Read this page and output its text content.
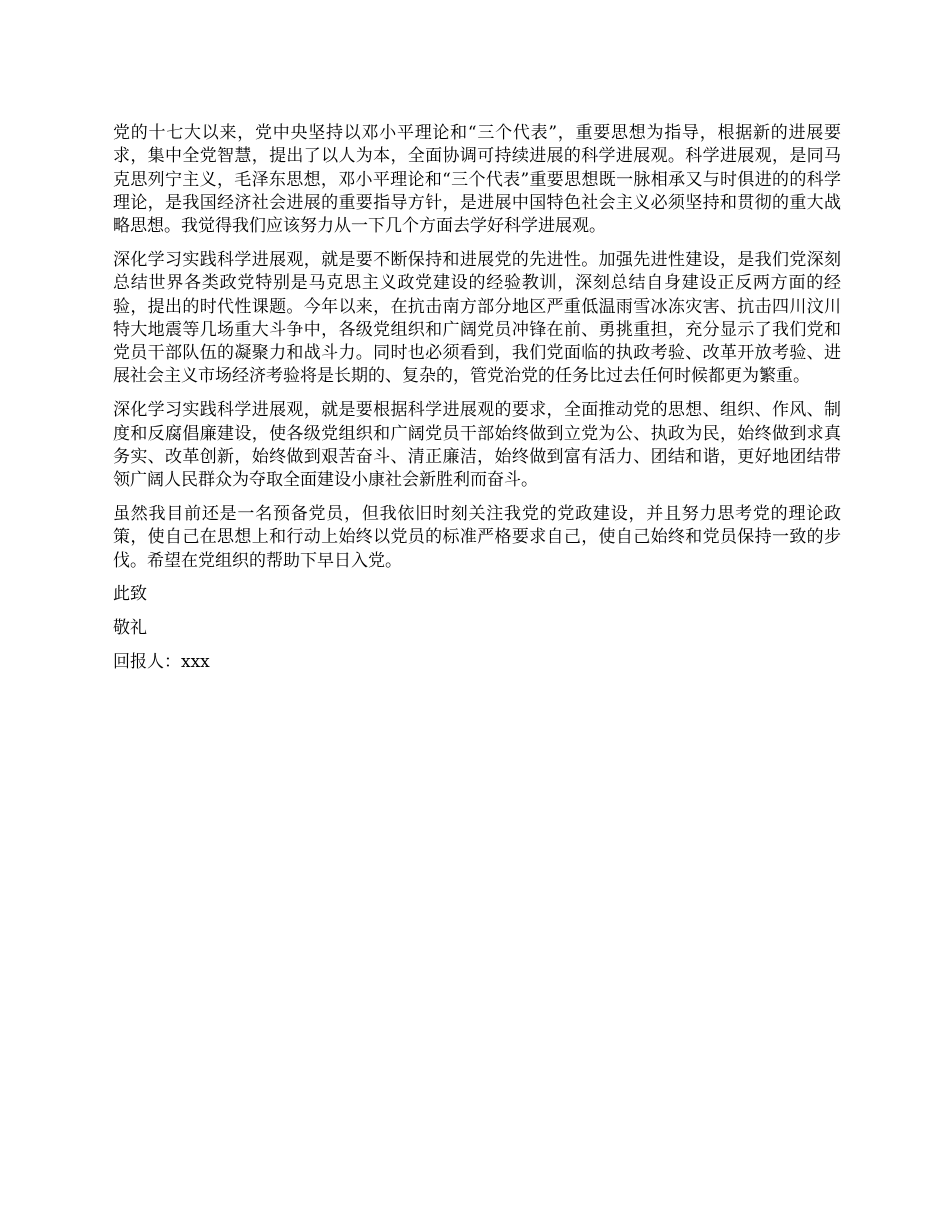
党的十七大以来，党中央坚持以邓小平理论和“三个代表”，重要思想为指导，根据新的进展要求，集中全党智慧，提出了以人为本，全面协调可持续进展的科学进展观。科学进展观，是同马克思列宁主义，毛泽东思想，邓小平理论和“三个代表”重要思想既一脉相承又与时俱进的的科学理论，是我国经济社会进展的重要指导方针，是进展中国特色社会主义必须坚持和贯彻的重大战略思想。我觉得我们应该努力从一下几个方面去学好科学进展观。

深化学习实践科学进展观，就是要不断保持和进展党的先进性。加强先进性建设，是我们党深刻总结世界各类政党特别是马克思主义政党建设的经验教训，深刻总结自身建设正反两方面的经验，提出的时代性课题。今年以来，在抗击南方部分地区严重低温雨雪冰冻灾害、抗击四川汶川特大地震等几场重大斗争中，各级党组织和广阔党员冲锋在前、勇挑重担，充分显示了我们党和党员干部队伍的凝聚力和战斗力。同时也必须看到，我们党面临的执政考验、改革开放考验、进展社会主义市场经济考验将是长期的、复杂的，管党治党的任务比过去任何时候都更为繁重。

深化学习实践科学进展观，就是要根据科学进展观的要求，全面推动党的思想、组织、作风、制度和反腐倡廉建设，使各级党组织和广阔党员干部始终做到立党为公、执政为民，始终做到求真务实、改革创新，始终做到艰苦奋斗、清正廉洁，始终做到富有活力、团结和谐，更好地团结带领广阔人民群众为夺取全面建设小康社会新胜利而奋斗。

虽然我目前还是一名预备党员，但我依旧时刻关注我党的党政建设，并且努力思考党的理论政策，使自己在思想上和行动上始终以党员的标准严格要求自己，使自己始终和党员保持一致的步伐。希望在党组织的帮助下早日入党。

此致

敬礼

回报人：xxx
